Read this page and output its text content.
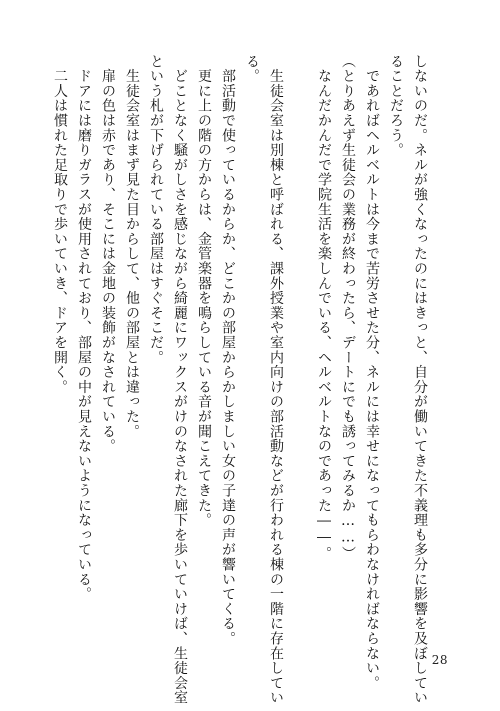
しないのだ。ネルが強くなったのにはきっと、自分が働いてきた不義理も多分に影響を及ぼしてい
ることだろう。
　であればヘルベルトは今まで苦労させた分、ネルには幸せになってもらわなければならない。
（とりあえず生徒会の業務が終わったら、デートにでも誘ってみるか……）
　なんだかんだで学院生活を楽しんでいる、ヘルベルトなのであった――。
　生徒会室は別棟と呼ばれる、課外授業や室内向けの部活動などが行われる棟の一階に存在してい
る。
　部活動で使っているからか、どこかの部屋からかしましい女の子達の声が響いてくる。
　更に上の階の方からは、金管楽器を鳴らしている音が聞こえてきた。
　どことなく騒がしさを感じながら綺麗にワックスがけのなされた廊下を歩いていけば、生徒会室
という札が下げられている部屋はすぐそこだ。
　生徒会室はまず見た目からして、他の部屋とは違った。
　扉の色は赤であり、そこには金地の装飾がなされている。
　ドアには磨りガラスが使用されており、部屋の中が見えないようになっている。
　二人は慣れた足取りで歩いていき、ドアを開く。
28
